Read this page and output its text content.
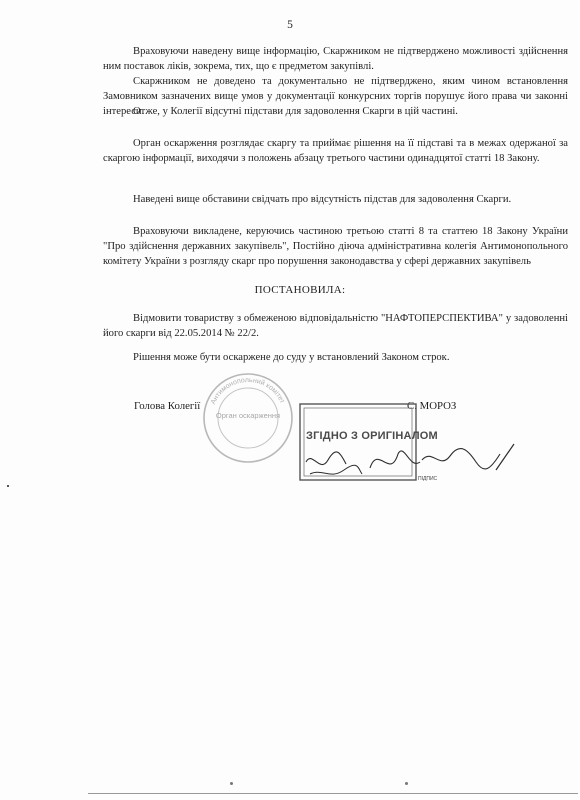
5

Враховуючи наведену вище інформацію, Скаржником не підтверджено можливості здійснення ним поставок ліків, зокрема, тих, що є предметом закупівлі.

Скаржником не доведено та документально не підтверджено, яким чином встановлення Замовником зазначених вище умов у документації конкурсних торгів порушує його права чи законні інтереси.

Отже, у Колегії відсутні підстави для задоволення Скарги в цій частині.

Орган оскарження розглядає скаргу та приймає рішення на її підставі та в межах одержаної за скаргою інформації, виходячи з положень абзацу третього частини одинадцятої статті 18 Закону.

Наведені вище обставини свідчать про відсутність підстав для задоволення Скарги.

Враховуючи викладене, керуючись частиною третьою статті 8 та статтею 18 Закону України "Про здійснення державних закупівель", Постійно діюча адміністративна колегія Антимонопольного комітету України з розгляду скарг про порушення законодавства у сфері державних закупівель

ПОСТАНОВИЛА:

Відмовити товариству з обмеженою відповідальністю "НАФТОПЕРСПЕКТИВА" у задоволенні його скарги від 22.05.2014 № 22/2.

Рішення може бути оскаржене до суду у встановлений Законом строк.

Антимонопольний комітет
Орган оскарження
Голова Колегії	С. МОРОЗ
ЗГІДНО З ОРИГІНАЛОМ
ПІДПИС
